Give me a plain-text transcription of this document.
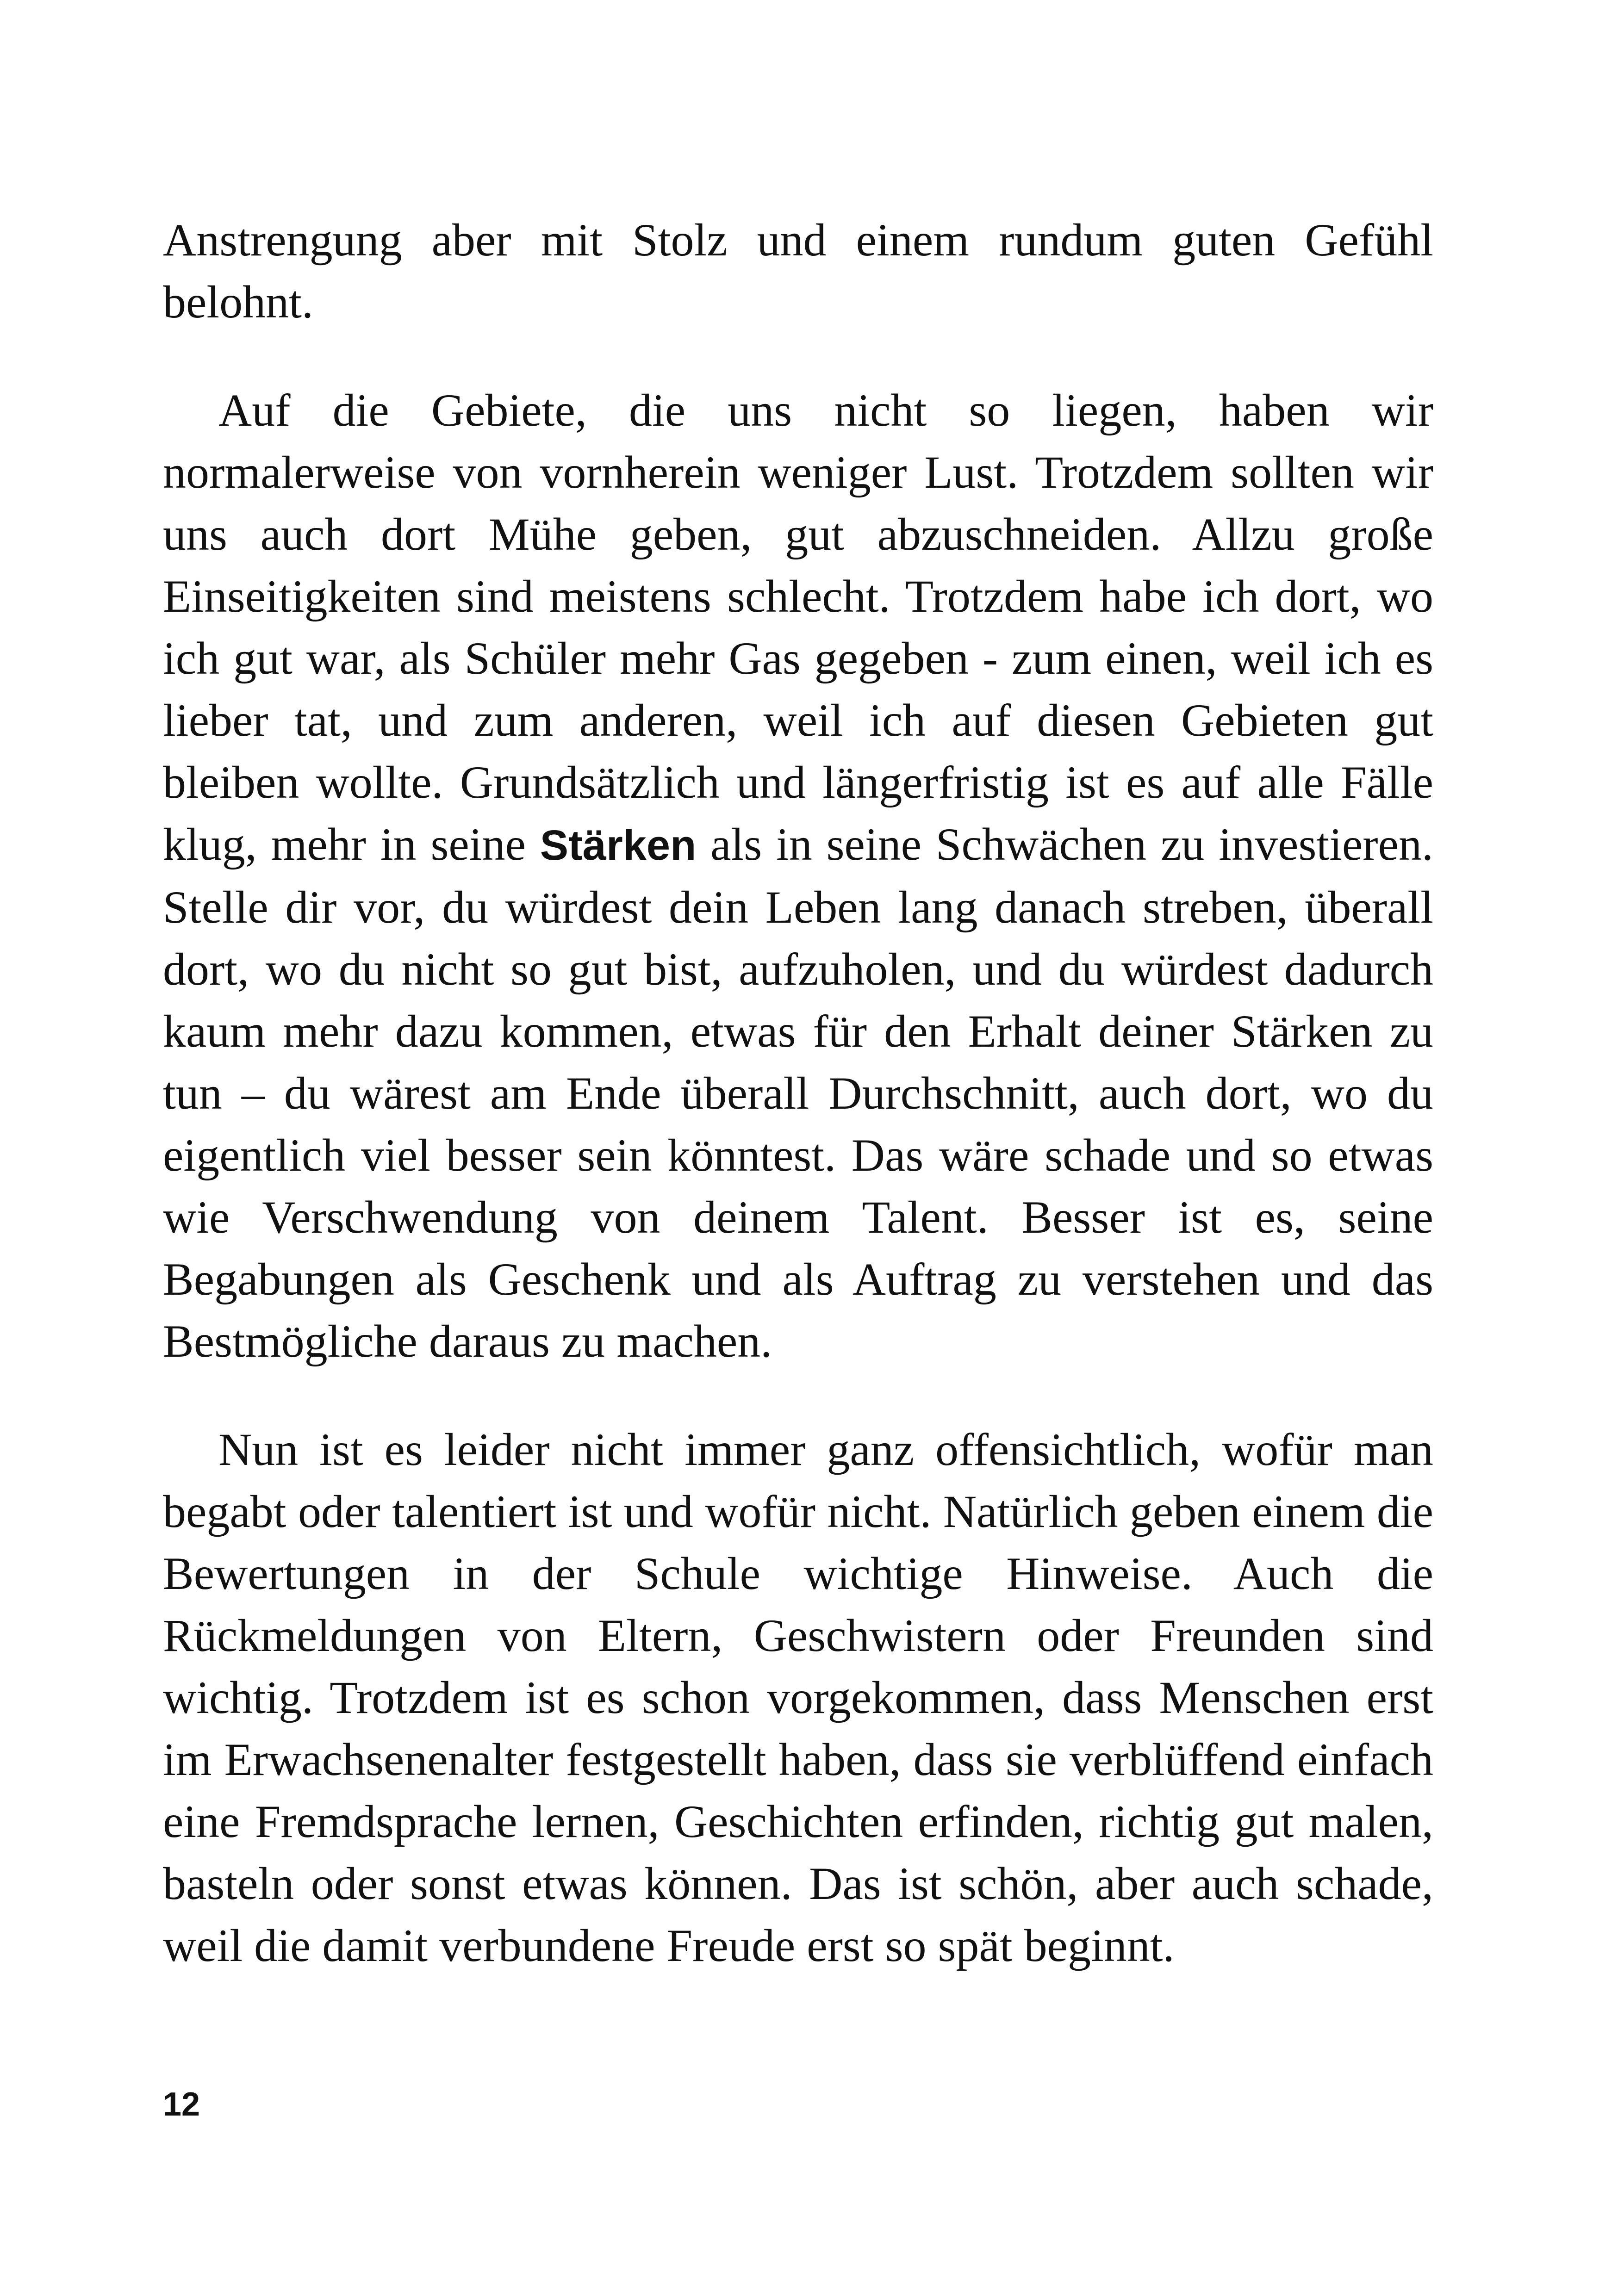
Anstrengung aber mit Stolz und einem rundum guten Gefühl belohnt.

Auf die Gebiete, die uns nicht so liegen, haben wir normalerweise von vornherein weniger Lust. Trotzdem sollten wir uns auch dort Mühe geben, gut abzuschneiden. Allzu große Einseitigkeiten sind meistens schlecht. Trotzdem habe ich dort, wo ich gut war, als Schüler mehr Gas gegeben - zum einen, weil ich es lieber tat, und zum anderen, weil ich auf diesen Gebieten gut bleiben wollte. Grundsätzlich und längerfristig ist es auf alle Fälle klug, mehr in seine Stärken als in seine Schwächen zu investieren. Stelle dir vor, du würdest dein Leben lang danach streben, überall dort, wo du nicht so gut bist, aufzuholen, und du würdest dadurch kaum mehr dazu kommen, etwas für den Erhalt deiner Stärken zu tun – du wärest am Ende überall Durchschnitt, auch dort, wo du eigentlich viel besser sein könntest. Das wäre schade und so etwas wie Verschwendung von deinem Talent. Besser ist es, seine Begabungen als Geschenk und als Auftrag zu verstehen und das Bestmögliche daraus zu machen.

Nun ist es leider nicht immer ganz offensichtlich, wofür man begabt oder talentiert ist und wofür nicht. Natürlich geben einem die Bewertungen in der Schule wichtige Hinweise. Auch die Rückmeldungen von Eltern, Geschwistern oder Freunden sind wichtig. Trotzdem ist es schon vorgekommen, dass Menschen erst im Erwachsenenalter festgestellt haben, dass sie verblüffend einfach eine Fremdsprache lernen, Geschichten erfinden, richtig gut malen, basteln oder sonst etwas können. Das ist schön, aber auch schade, weil die damit verbundene Freude erst so spät beginnt.

12
